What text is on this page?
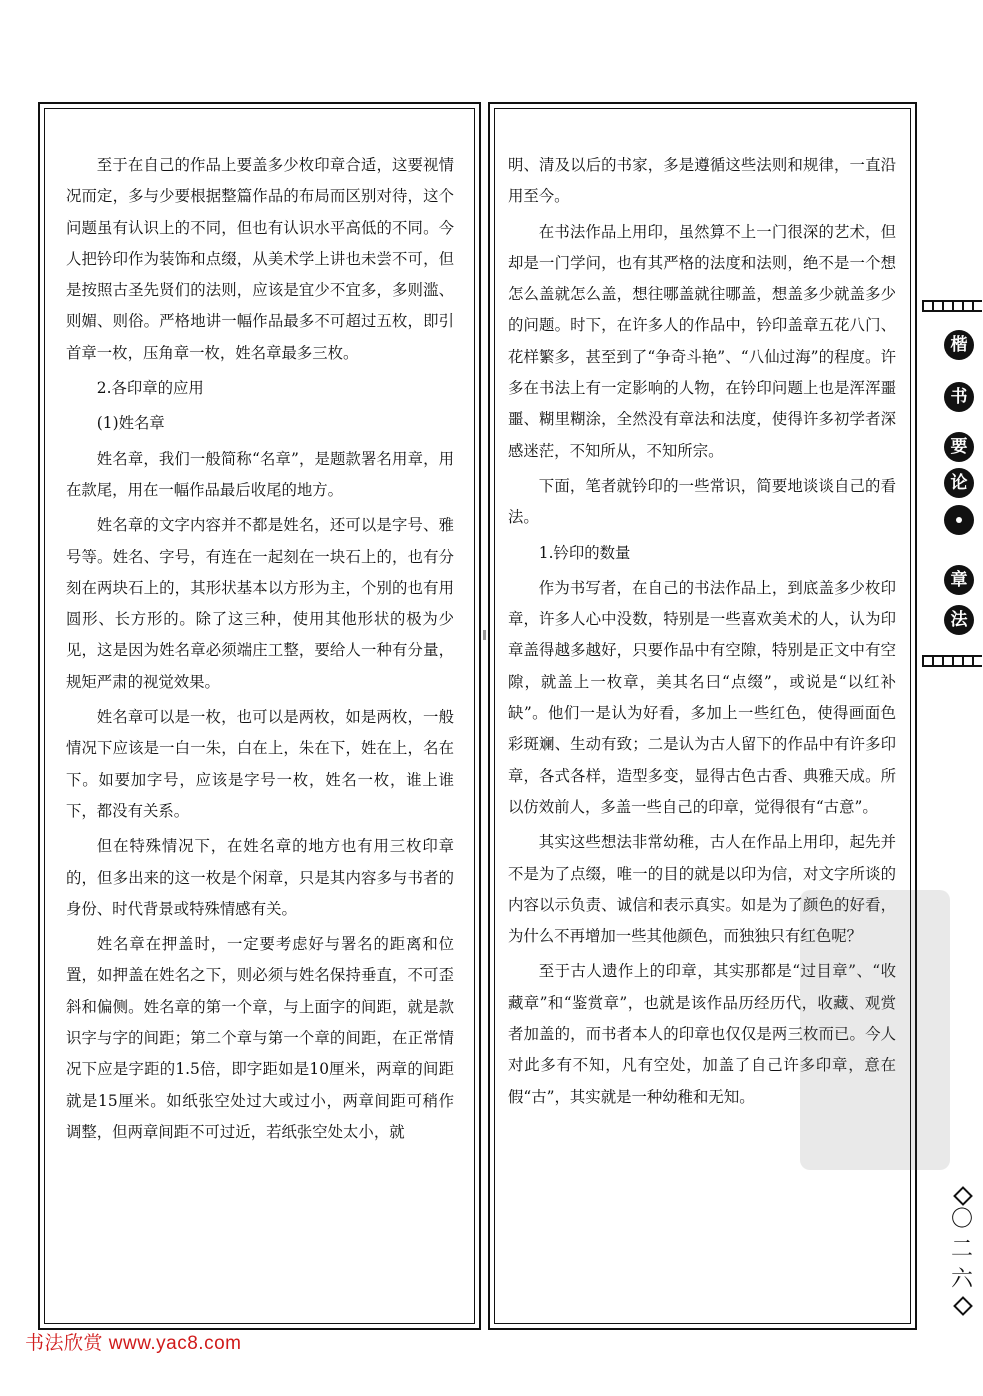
至于在自己的作品上要盖多少枚印章合适，这要视情况而定，多与少要根据整篇作品的布局而区别对待，这个问题虽有认识上的不同，但也有认识水平高低的不同。今人把钤印作为装饰和点缀，从美术学上讲也未尝不可，但是按照古圣先贤们的法则，应该是宜少不宜多，多则滥、则媚、则俗。严格地讲一幅作品最多不可超过五枚，即引首章一枚，压角章一枚，姓名章最多三枚。

2.各印章的应用

(1)姓名章

姓名章，我们一般简称“名章”，是题款署名用章，用在款尾，用在一幅作品最后收尾的地方。

姓名章的文字内容并不都是姓名，还可以是字号、雅号等。姓名、字号，有连在一起刻在一块石上的，也有分刻在两块石上的，其形状基本以方形为主，个别的也有用圆形、长方形的。除了这三种，使用其他形状的极为少见，这是因为姓名章必须端庄工整，要给人一种有分量，规矩严肃的视觉效果。

姓名章可以是一枚，也可以是两枚，如是两枚，一般情况下应该是一白一朱，白在上，朱在下，姓在上，名在下。如要加字号，应该是字号一枚，姓名一枚，谁上谁下，都没有关系。

但在特殊情况下，在姓名章的地方也有用三枚印章的，但多出来的这一枚是个闲章，只是其内容多与书者的身份、时代背景或特殊情感有关。

姓名章在押盖时，一定要考虑好与署名的距离和位置，如押盖在姓名之下，则必须与姓名保持垂直，不可歪斜和偏侧。姓名章的第一个章，与上面字的间距，就是款识字与字的间距；第二个章与第一个章的间距，在正常情况下应是字距的1.5倍，即字距如是10厘米，两章的间距就是15厘米。如纸张空处过大或过小，两章间距可稍作调整，但两章间距不可过近，若纸张空处太小，就

明、清及以后的书家，多是遵循这些法则和规律，一直沿用至今。

在书法作品上用印，虽然算不上一门很深的艺术，但却是一门学问，也有其严格的法度和法则，绝不是一个想怎么盖就怎么盖，想往哪盖就往哪盖，想盖多少就盖多少的问题。时下，在许多人的作品中，钤印盖章五花八门、花样繁多，甚至到了“争奇斗艳”、“八仙过海”的程度。许多在书法上有一定影响的人物，在钤印问题上也是浑浑噩噩、糊里糊涂，全然没有章法和法度，使得许多初学者深感迷茫，不知所从，不知所宗。

下面，笔者就钤印的一些常识，简要地谈谈自己的看法。

1.钤印的数量

作为书写者，在自己的书法作品上，到底盖多少枚印章，许多人心中没数，特别是一些喜欢美术的人，认为印章盖得越多越好，只要作品中有空隙，特别是正文中有空隙，就盖上一枚章，美其名曰“点缀”，或说是“以红补缺”。他们一是认为好看，多加上一些红色，使得画面色彩斑斓、生动有致；二是认为古人留下的作品中有许多印章，各式各样，造型多变，显得古色古香、典雅天成。所以仿效前人，多盖一些自己的印章，觉得很有“古意”。

其实这些想法非常幼稚，古人在作品上用印，起先并不是为了点缀，唯一的目的就是以印为信，对文字所谈的内容以示负责、诚信和表示真实。如是为了颜色的好看，为什么不再增加一些其他颜色，而独独只有红色呢？

至于古人遗作上的印章，其实那都是“过目章”、“收藏章”和“鉴赏章”，也就是该作品历经历代，收藏、观赏者加盖的，而书者本人的印章也仅仅是两三枚而已。今人对此多有不知，凡有空处，加盖了自己许多印章，意在假“古”，其实就是一种幼稚和无知。

楷
书
要
论
章
法
〇
二
六
书法欣赏 www.yac8.com
